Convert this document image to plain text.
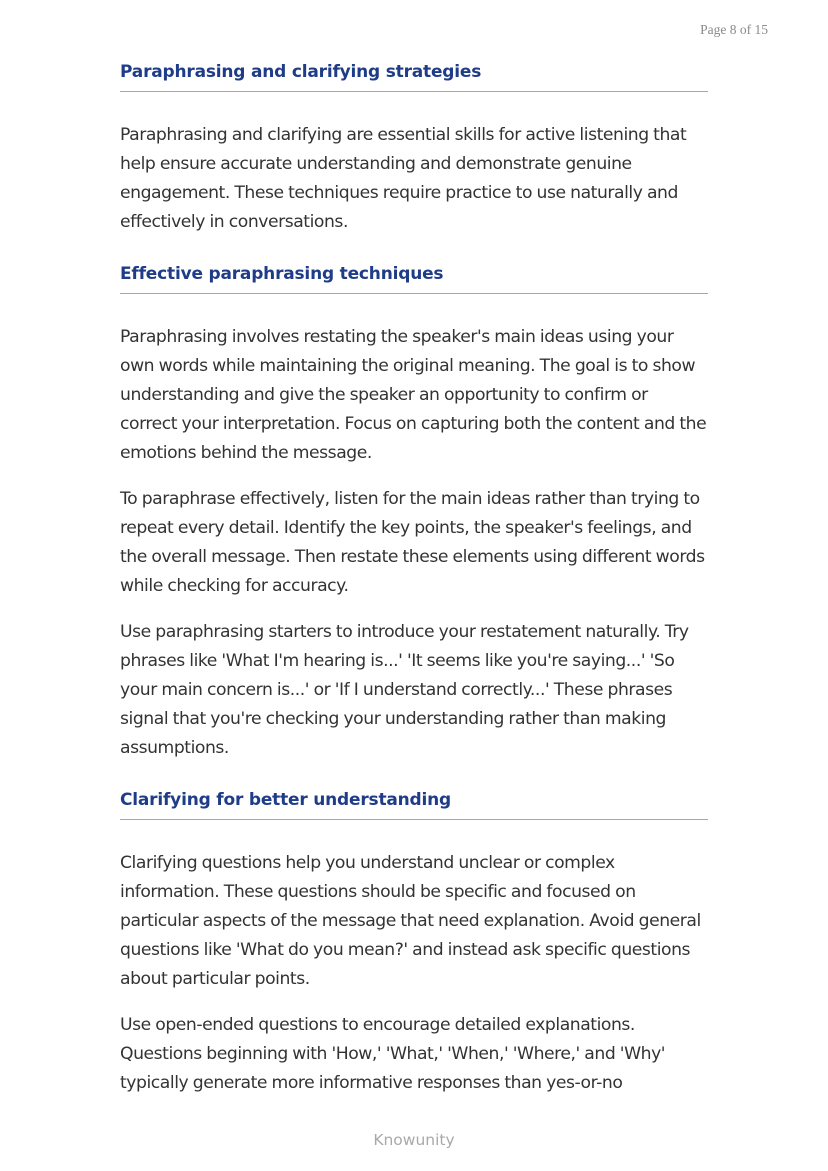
Page 8 of 15
Paraphrasing and clarifying strategies

Paraphrasing and clarifying are essential skills for active listening that help ensure accurate understanding and demonstrate genuine engagement. These techniques require practice to use naturally and effectively in conversations.

Effective paraphrasing techniques

Paraphrasing involves restating the speaker's main ideas using your own words while maintaining the original meaning. The goal is to show understanding and give the speaker an opportunity to confirm or correct your interpretation. Focus on capturing both the content and the emotions behind the message.

To paraphrase effectively, listen for the main ideas rather than trying to repeat every detail. Identify the key points, the speaker's feelings, and the overall message. Then restate these elements using different words while checking for accuracy.

Use paraphrasing starters to introduce your restatement naturally. Try phrases like 'What I'm hearing is...' 'It seems like you're saying...' 'So your main concern is...' or 'If I understand correctly...' These phrases signal that you're checking your understanding rather than making assumptions.

Clarifying for better understanding

Clarifying questions help you understand unclear or complex information. These questions should be specific and focused on particular aspects of the message that need explanation. Avoid general questions like 'What do you mean?' and instead ask specific questions about particular points.

Use open-ended questions to encourage detailed explanations. Questions beginning with 'How,' 'What,' 'When,' 'Where,' and 'Why' typically generate more informative responses than yes-or-no

Knowunity
